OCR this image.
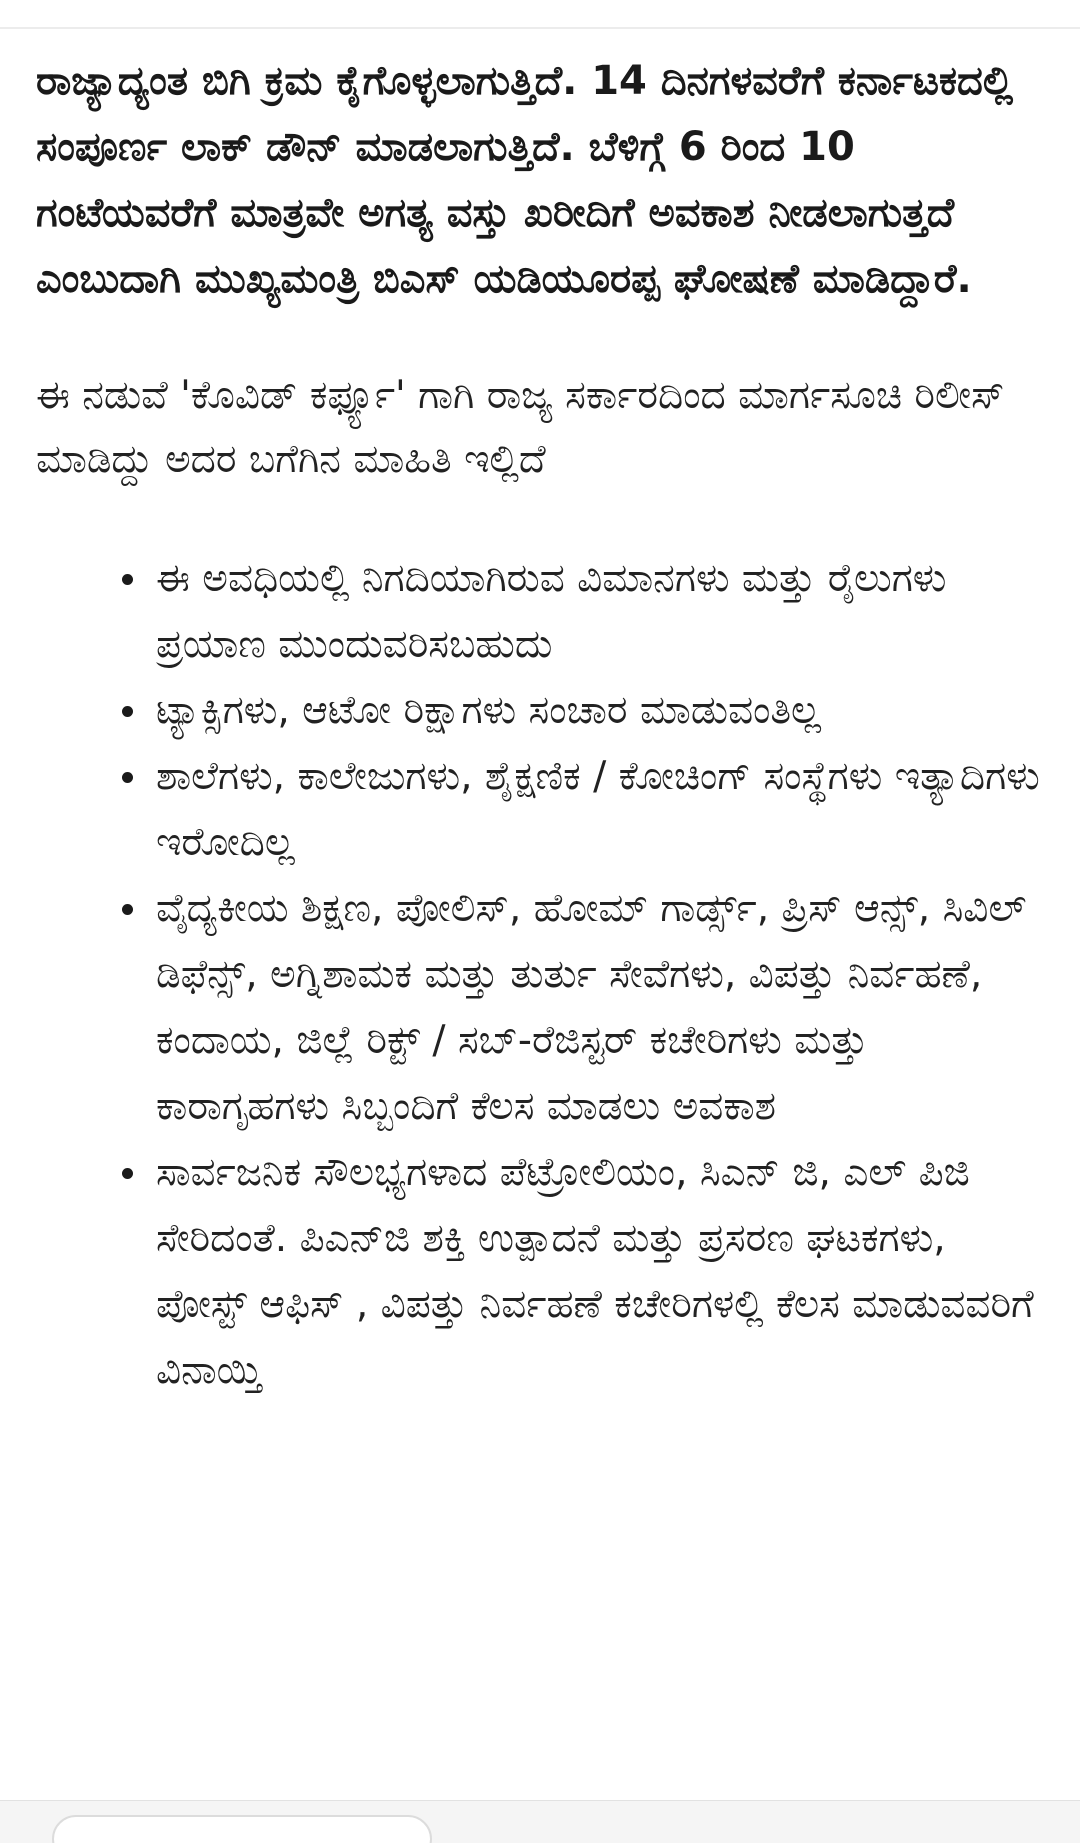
ರಾಜ್ಯಾದ್ಯಂತ ಬಿಗಿ ಕ್ರಮ ಕೈಗೊಳ್ಳಲಾಗುತ್ತಿದೆ. 14 ದಿನಗಳವರೆಗೆ ಕರ್ನಾಟಕದಲ್ಲಿ ಸಂಪೂರ್ಣ ಲಾಕ್ ಡೌನ್ ಮಾಡಲಾಗುತ್ತಿದೆ. ಬೆಳಿಗ್ಗೆ 6 ರಿಂದ 10 ಗಂಟೆಯವರೆಗೆ ಮಾತ್ರವೇ ಅಗತ್ಯ ವಸ್ತು ಖರೀದಿಗೆ ಅವಕಾಶ ನೀಡಲಾಗುತ್ತದೆ ಎಂಬುದಾಗಿ ಮುಖ್ಯಮಂತ್ರಿ ಬಿಎಸ್ ಯಡಿಯೂರಪ್ಪ ಘೋಷಣೆ ಮಾಡಿದ್ದಾರೆ.

ಈ ನಡುವೆ 'ಕೊವಿಡ್ ಕರ್ಫ್ಯೂ' ಗಾಗಿ ರಾಜ್ಯ ಸರ್ಕಾರದಿಂದ ಮಾರ್ಗಸೂಚಿ ರಿಲೀಸ್ ಮಾಡಿದ್ದು ಅದರ ಬಗೆಗಿನ ಮಾಹಿತಿ ಇಲ್ಲಿದೆ

ಈ ಅವಧಿಯಲ್ಲಿ ನಿಗದಿಯಾಗಿರುವ ವಿಮಾನಗಳು ಮತ್ತು ರೈಲುಗಳು ಪ್ರಯಾಣ ಮುಂದುವರಿಸಬಹುದು
ಟ್ಯಾಕ್ಸಿಗಳು, ಆಟೋ ರಿಕ್ಷಾಗಳು ಸಂಚಾರ ಮಾಡುವಂತಿಲ್ಲ
ಶಾಲೆಗಳು, ಕಾಲೇಜುಗಳು, ಶೈಕ್ಷಣಿಕ / ಕೋಚಿಂಗ್ ಸಂಸ್ಥೆಗಳು ಇತ್ಯಾದಿಗಳು ಇರೋದಿಲ್ಲ
ವೈದ್ಯಕೀಯ ಶಿಕ್ಷಣ, ಪೋಲಿಸ್, ಹೋಮ್ ಗಾರ್ಡ್ಸ್, ಪ್ರಿಸ್ ಆನ್ಸ್, ಸಿವಿಲ್ ಡಿಫೆನ್ಸ್, ಅಗ್ನಿಶಾಮಕ ಮತ್ತು ತುರ್ತು ಸೇವೆಗಳು, ವಿಪತ್ತು ನಿರ್ವಹಣೆ, ಕಂದಾಯ, ಜಿಲ್ಲೆ ರಿಕ್ಟ್ / ಸಬ್-ರೆಜಿಸ್ಟರ್ ಕಚೇರಿಗಳು ಮತ್ತು ಕಾರಾಗೃಹಗಳು ಸಿಬ್ಬಂದಿಗೆ ಕೆಲಸ ಮಾಡಲು ಅವಕಾಶ
ಸಾರ್ವಜನಿಕ ಸೌಲಭ್ಯಗಳಾದ ಪೆಟ್ರೋಲಿಯಂ, ಸಿಎನ್ ಜಿ, ಎಲ್ ಪಿಜಿ ಸೇರಿದಂತೆ. ಪಿಎನ್‌ಜಿ ಶಕ್ತಿ ಉತ್ಪಾದನೆ ಮತ್ತು ಪ್ರಸರಣ ಘಟಕಗಳು, ಪೋಸ್ಟ್ ಆಫಿಸ್ , ವಿಪತ್ತು ನಿರ್ವಹಣೆ ಕಚೇರಿಗಳಲ್ಲಿ ಕೆಲಸ ಮಾಡುವವರಿಗೆ ವಿನಾಯ್ತಿ
